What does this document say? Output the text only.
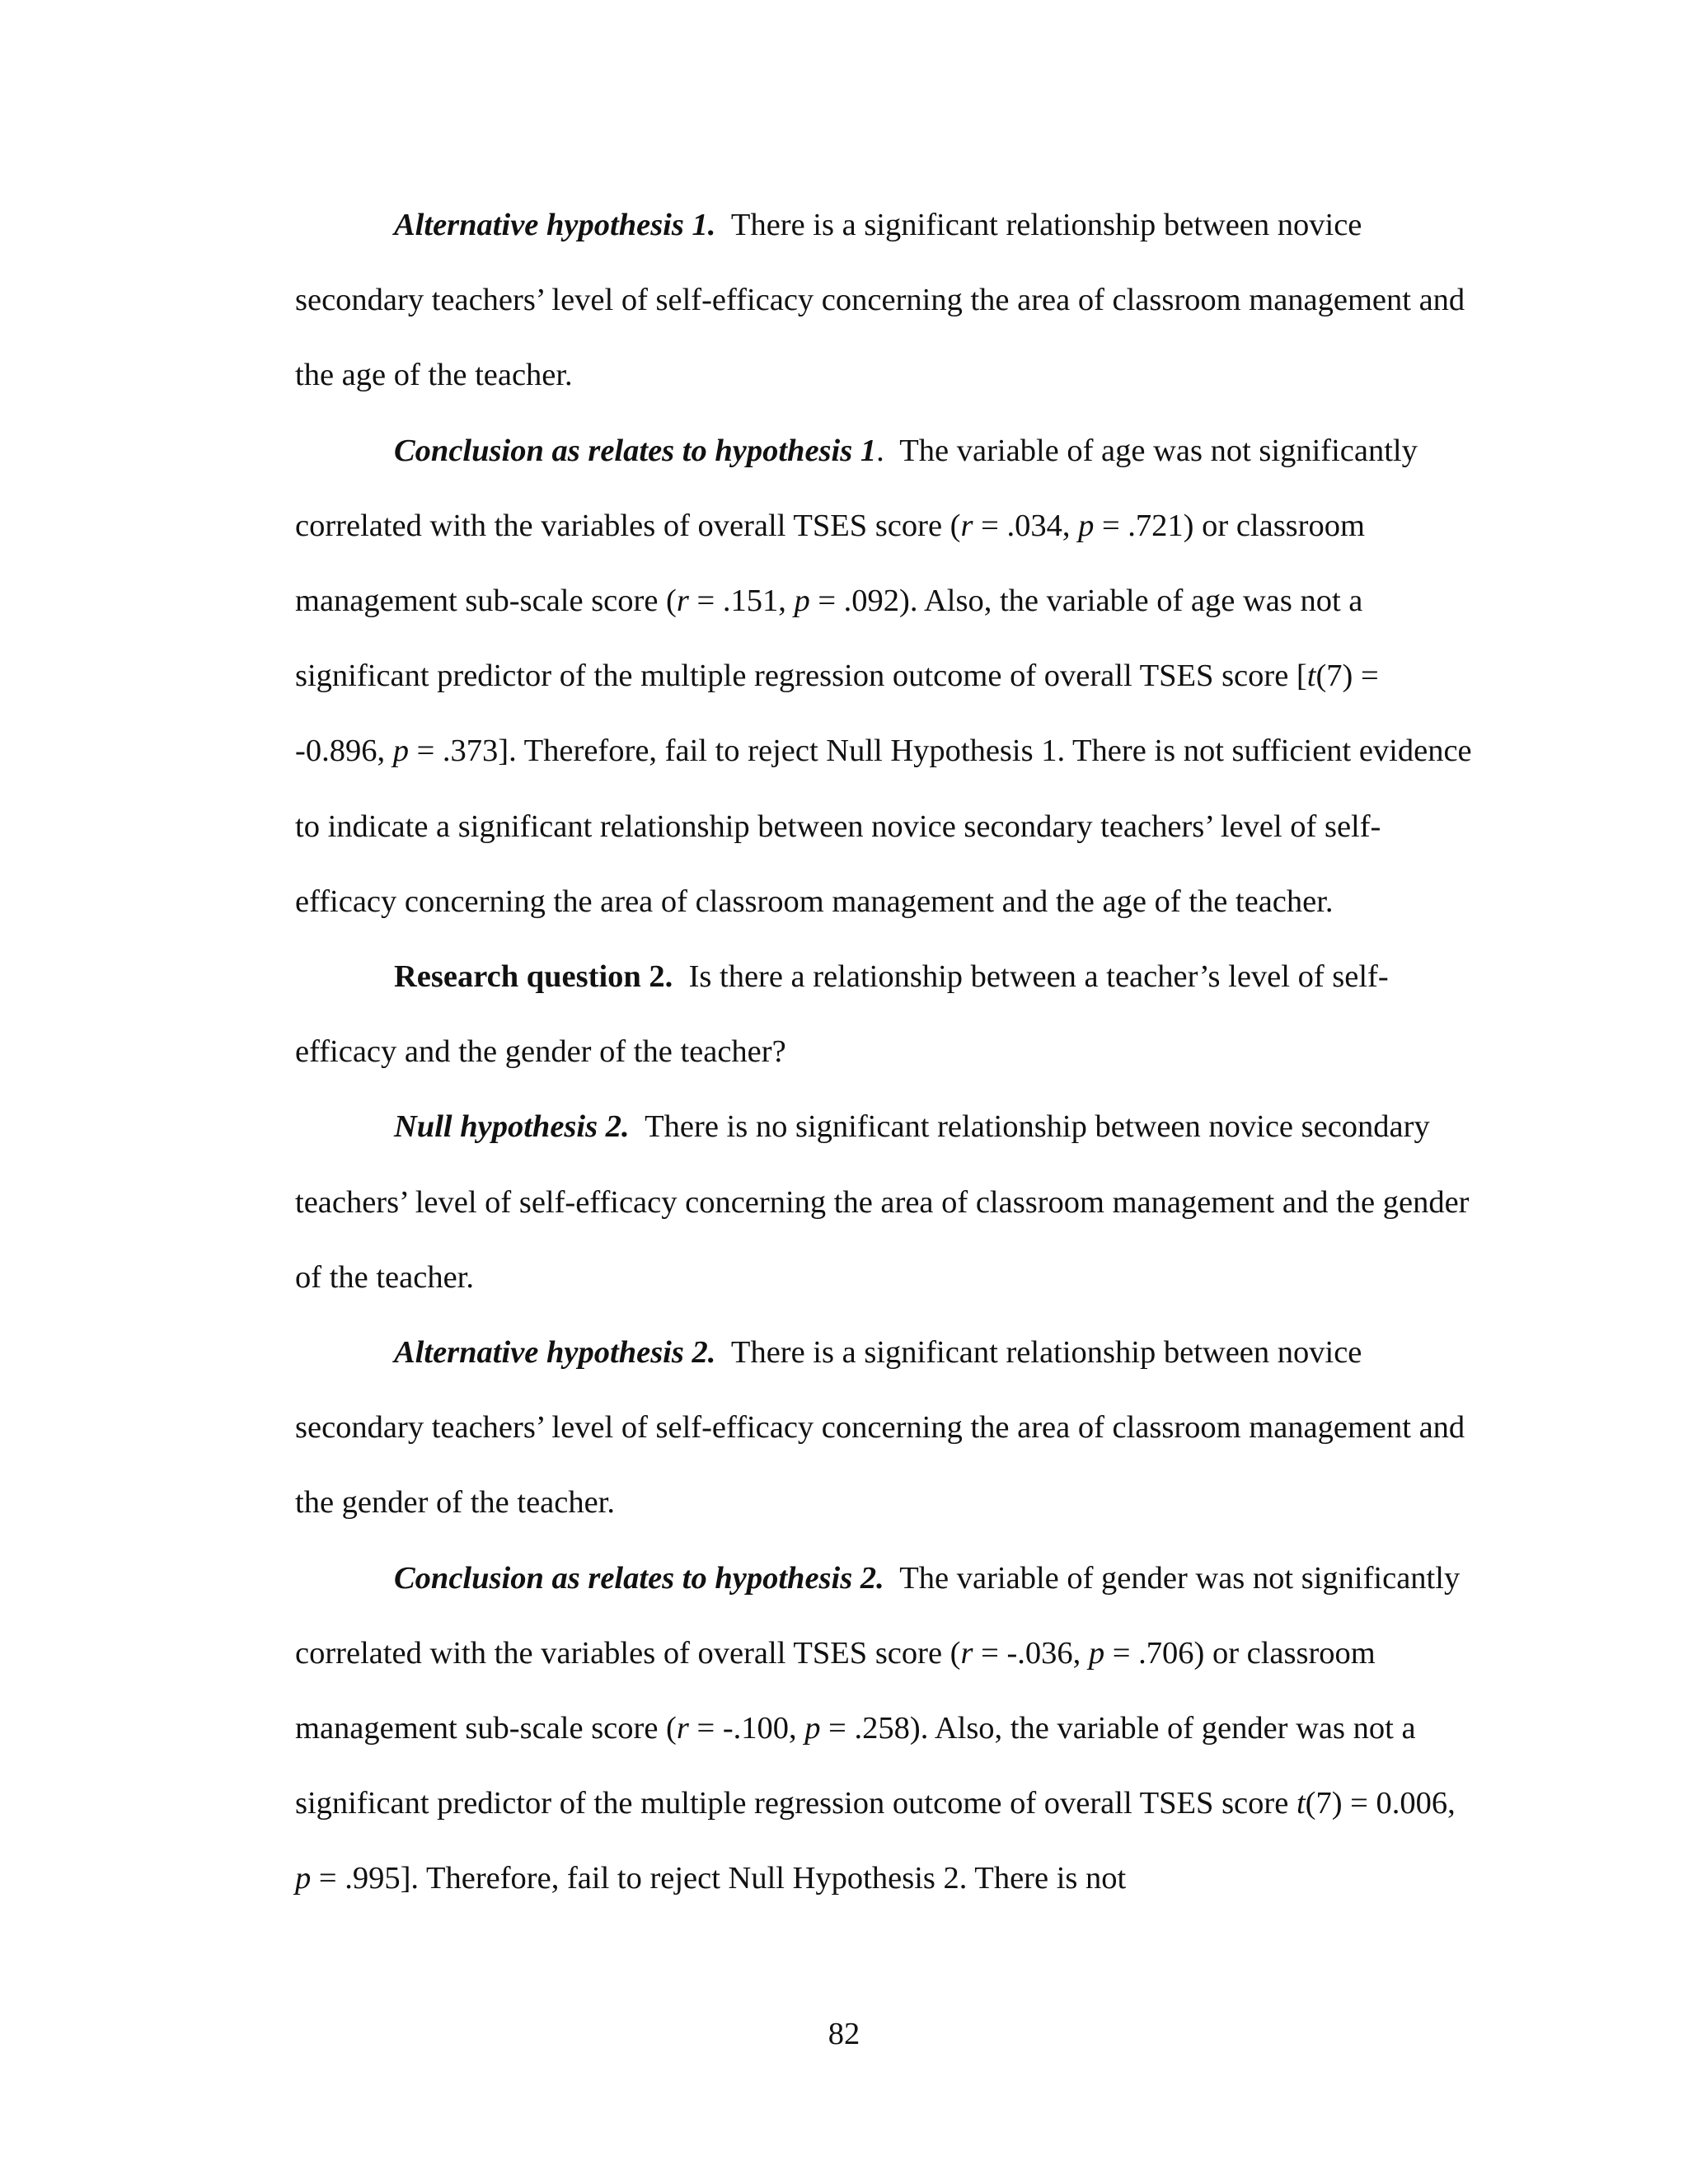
Alternative hypothesis 1. There is a significant relationship between novice secondary teachers’ level of self-efficacy concerning the area of classroom management and the age of the teacher.

Conclusion as relates to hypothesis 1. The variable of age was not significantly correlated with the variables of overall TSES score (r = .034, p = .721) or classroom management sub-scale score (r = .151, p = .092). Also, the variable of age was not a significant predictor of the multiple regression outcome of overall TSES score [t(7) = -0.896, p = .373]. Therefore, fail to reject Null Hypothesis 1. There is not sufficient evidence to indicate a significant relationship between novice secondary teachers’ level of self-efficacy concerning the area of classroom management and the age of the teacher.

Research question 2. Is there a relationship between a teacher’s level of self-efficacy and the gender of the teacher?

Null hypothesis 2. There is no significant relationship between novice secondary teachers’ level of self-efficacy concerning the area of classroom management and the gender of the teacher.

Alternative hypothesis 2. There is a significant relationship between novice secondary teachers’ level of self-efficacy concerning the area of classroom management and the gender of the teacher.

Conclusion as relates to hypothesis 2. The variable of gender was not significantly correlated with the variables of overall TSES score (r = -.036, p = .706) or classroom management sub-scale score (r = -.100, p = .258). Also, the variable of gender was not a significant predictor of the multiple regression outcome of overall TSES score t(7) = 0.006, p = .995]. Therefore, fail to reject Null Hypothesis 2. There is not

82
